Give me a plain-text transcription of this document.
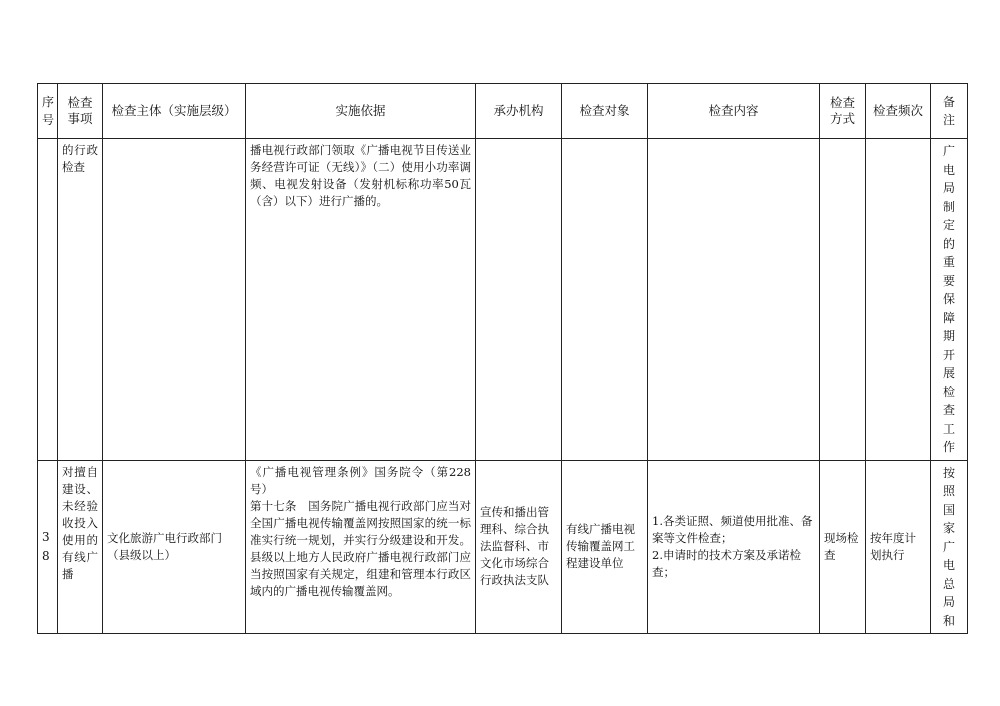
序号	检查事项	检查主体（实施层级）	实施依据	承办机构	检查对象	检查内容	检查方式	检查频次	备注

	的行政检查		播电视行政部门领取《广播电视节目传送业务经营许可证（无线）》（二）使用小功率调频、电视发射设备（发射机标称功率50瓦（含）以下）进行广播的。						广电局制定的重要保障期开展检查工作

38	对擅自建设、未经验收投入使用的有线广播	文化旅游广电行政部门（县级以上）	《广播电视管理条例》国务院令（第228号）
第十七条　国务院广播电视行政部门应当对全国广播电视传输覆盖网按照国家的统一标准实行统一规划，并实行分级建设和开发。县级以上地方人民政府广播电视行政部门应当按照国家有关规定，组建和管理本行政区域内的广播电视传输覆盖网。	宣传和播出管理科、综合执法监督科、市文化市场综合行政执法支队	有线广播电视传输覆盖网工程建设单位	1.各类证照、频道使用批准、备案等文件检查；
2.申请时的技术方案及承诺检查；	现场检查	按年度计划执行	按照国家广电总局和
